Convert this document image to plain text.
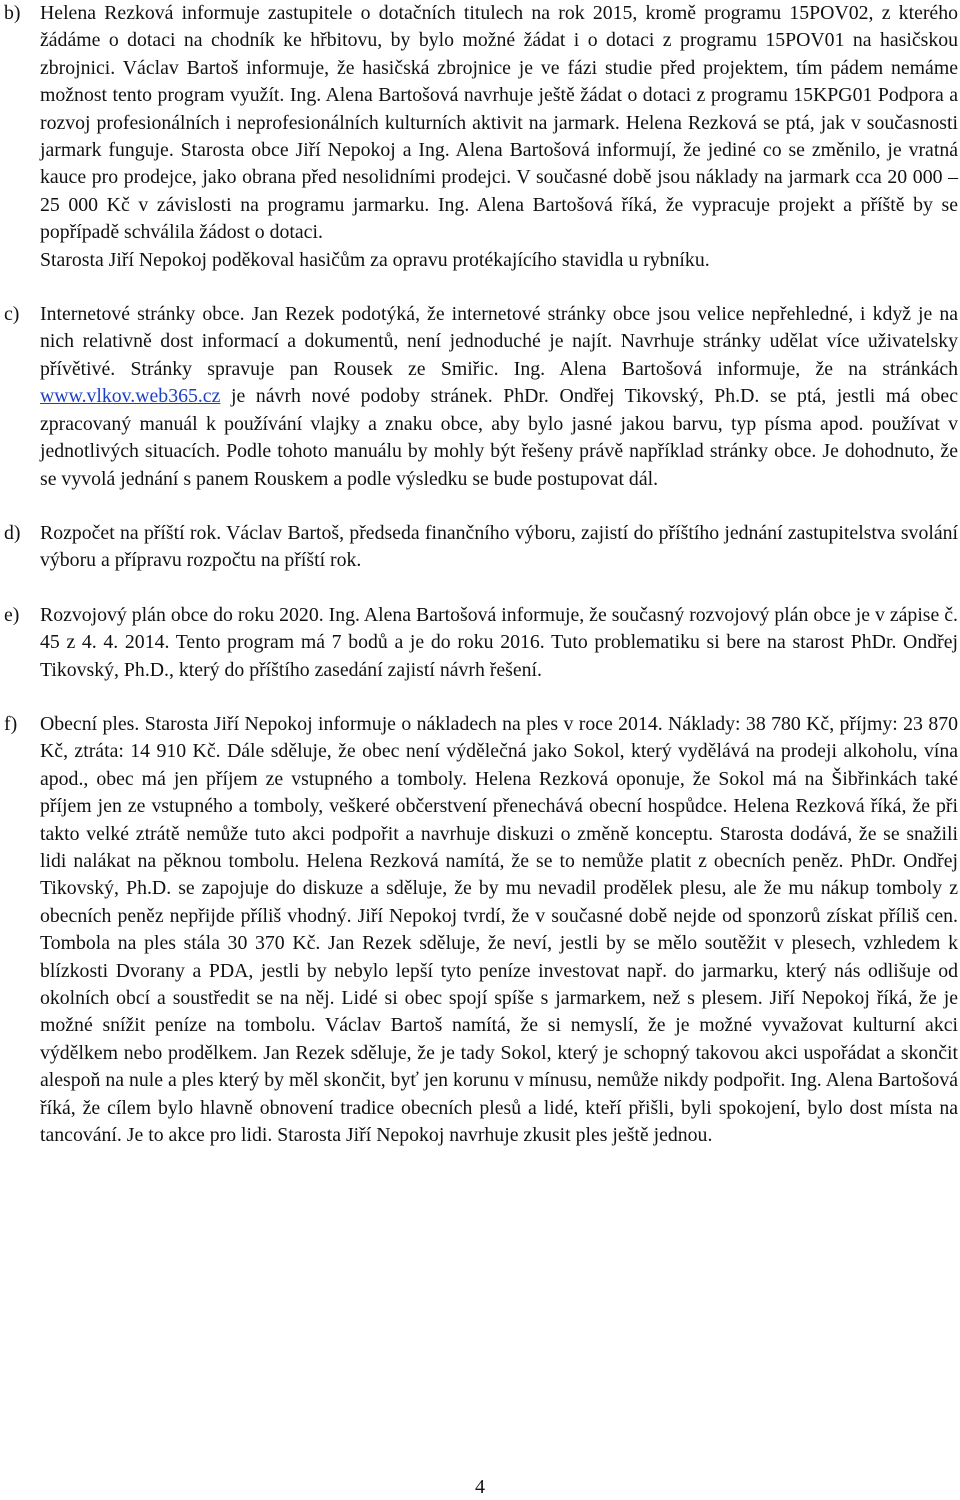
b) Helena Rezková informuje zastupitele o dotačních titulech na rok 2015, kromě programu 15POV02, z kterého žádáme o dotaci na chodník ke hřbitovu, by bylo možné žádat i o dotaci z programu 15POV01 na hasičskou zbrojnici. Václav Bartoš informuje, že hasičská zbrojnice je ve fázi studie před projektem, tím pádem nemáme možnost tento program využít. Ing. Alena Bartošová navrhuje ještě žádat o dotaci z programu 15KPG01 Podpora a rozvoj profesionálních i neprofesionálních kulturních aktivit na jarmark. Helena Rezková se ptá, jak v současnosti jarmark funguje. Starosta obce Jiří Nepokoj a Ing. Alena Bartošová informují, že jediné co se změnilo, je vratná kauce pro prodejce, jako obrana před nesolidními prodejci. V současné době jsou náklady na jarmark cca 20 000 – 25 000 Kč v závislosti na programu jarmarku. Ing. Alena Bartošová říká, že vypracuje projekt a příště by se popřípadě schválila žádost o dotaci.

Starosta Jiří Nepokoj poděkoval hasičům za opravu protékajícího stavidla u rybníku.

c) Internetové stránky obce. Jan Rezek podotýká, že internetové stránky obce jsou velice nepřehledné, i když je na nich relativně dost informací a dokumentů, není jednoduché je najít. Navrhuje stránky udělat více uživatelsky přívětivé. Stránky spravuje pan Rousek ze Smiřic. Ing. Alena Bartošová informuje, že na stránkách www.vlkov.web365.cz je návrh nové podoby stránek. PhDr. Ondřej Tikovský, Ph.D. se ptá, jestli má obec zpracovaný manuál k používání vlajky a znaku obce, aby bylo jasné jakou barvu, typ písma apod. používat v jednotlivých situacích. Podle tohoto manuálu by mohly být řešeny právě například stránky obce. Je dohodnuto, že se vyvolá jednání s panem Rouskem a podle výsledku se bude postupovat dál.

d) Rozpočet na příští rok. Václav Bartoš, předseda finančního výboru, zajistí do příštího jednání zastupitelstva svolání výboru a přípravu rozpočtu na příští rok.

e) Rozvojový plán obce do roku 2020. Ing. Alena Bartošová informuje, že současný rozvojový plán obce je v zápise č. 45 z 4. 4. 2014. Tento program má 7 bodů a je do roku 2016. Tuto problematiku si bere na starost PhDr. Ondřej Tikovský, Ph.D., který do příštího zasedání zajistí návrh řešení.

f) Obecní ples. Starosta Jiří Nepokoj informuje o nákladech na ples v roce 2014. Náklady: 38 780 Kč, příjmy: 23 870 Kč, ztráta: 14 910 Kč. Dále sděluje, že obec není výdělečná jako Sokol, který vydělává na prodeji alkoholu, vína apod., obec má jen příjem ze vstupného a tomboly. Helena Rezková oponuje, že Sokol má na Šibřinkách také příjem jen ze vstupného a tomboly, veškeré občerstvení přenechává obecní hospůdce. Helena Rezková říká, že při takto velké ztrátě nemůže tuto akci podpořit a navrhuje diskuzi o změně konceptu. Starosta dodává, že se snažili lidi nalákat na pěknou tombolu. Helena Rezková namítá, že se to nemůže platit z obecních peněz. PhDr. Ondřej Tikovský, Ph.D. se zapojuje do diskuze a sděluje, že by mu nevadil prodělek plesu, ale že mu nákup tomboly z obecních peněz nepřijde příliš vhodný. Jiří Nepokoj tvrdí, že v současné době nejde od sponzorů získat příliš cen. Tombola na ples stála 30 370 Kč. Jan Rezek sděluje, že neví, jestli by se mělo soutěžit v plesech, vzhledem k blízkosti Dvorany a PDA, jestli by nebylo lepší tyto peníze investovat např. do jarmarku, který nás odlišuje od okolních obcí a soustředit se na něj. Lidé si obec spojí spíše s jarmarkem, než s plesem. Jiří Nepokoj říká, že je možné snížit peníze na tombolu. Václav Bartoš namítá, že si nemyslí, že je možné vyvažovat kulturní akci výdělkem nebo prodělkem. Jan Rezek sděluje, že je tady Sokol, který je schopný takovou akci uspořádat a skončit alespoň na nule a ples který by měl skončit, byť jen korunu v mínusu, nemůže nikdy podpořit. Ing. Alena Bartošová říká, že cílem bylo hlavně obnovení tradice obecních plesů a lidé, kteří přišli, byli spokojení, bylo dost místa na tancování. Je to akce pro lidi. Starosta Jiří Nepokoj navrhuje zkusit ples ještě jednou.

4
